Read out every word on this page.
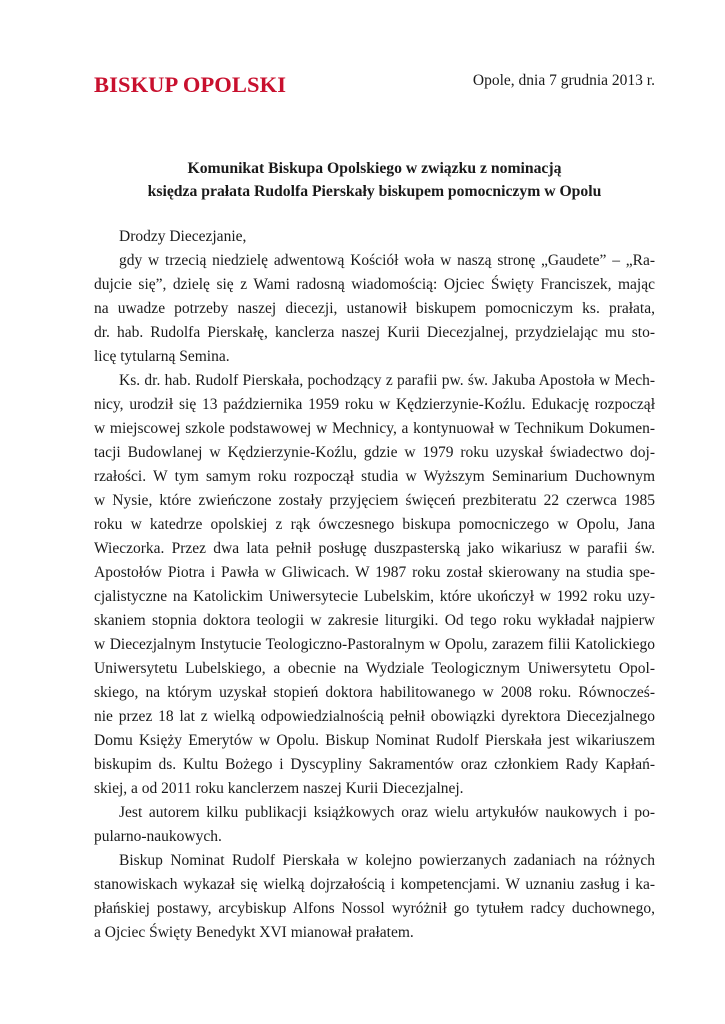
BISKUP OPOLSKI	Opole, dnia 7 grudnia 2013 r.
Komunikat Biskupa Opolskiego w związku z nominacją
księdza prałata Rudolfa Pierskały biskupem pomocniczym w Opolu
Drodzy Diecezjanie,

gdy w trzecią niedzielę adwentową Kościół woła w naszą stronę „Gaudete” – „Ra-
dujcie się”, dzielę się z Wami radosną wiadomością: Ojciec Święty Franciszek, mając
na uwadze potrzeby naszej diecezji, ustanowił biskupem pomocniczym ks. prałata,
dr. hab. Rudolfa Pierskałę, kanclerza naszej Kurii Diecezjalnej, przydzielając mu sto-
licę tytularną Semina.

Ks. dr. hab. Rudolf Pierskała, pochodzący z parafii pw. św. Jakuba Apostoła w Mech-
nicy, urodził się 13 października 1959 roku w Kędzierzynie-Koźlu. Edukację rozpoczął
w miejscowej szkole podstawowej w Mechnicy, a kontynuował w Technikum Dokumen-
tacji Budowlanej w Kędzierzynie-Koźlu, gdzie w 1979 roku uzyskał świadectwo doj-
rzałości. W tym samym roku rozpoczął studia w Wyższym Seminarium Duchownym
w Nysie, które zwieńczone zostały przyjęciem święceń prezbiteratu 22 czerwca 1985
roku w katedrze opolskiej z rąk ówczesnego biskupa pomocniczego w Opolu, Jana
Wieczorka. Przez dwa lata pełnił posługę duszpasterską jako wikariusz w parafii św.
Apostołów Piotra i Pawła w Gliwicach. W 1987 roku został skierowany na studia spe-
cjalistyczne na Katolickim Uniwersytecie Lubelskim, które ukończył w 1992 roku uzy-
skaniem stopnia doktora teologii w zakresie liturgiki. Od tego roku wykładał najpierw
w Diecezjalnym Instytucie Teologiczno-Pastoralnym w Opolu, zarazem filii Katolickiego
Uniwersytetu Lubelskiego, a obecnie na Wydziale Teologicznym Uniwersytetu Opol-
skiego, na którym uzyskał stopień doktora habilitowanego w 2008 roku. Równocześ-
nie przez 18 lat z wielką odpowiedzialnością pełnił obowiązki dyrektora Diecezjalnego
Domu Księży Emerytów w Opolu. Biskup Nominat Rudolf Pierskała jest wikariuszem
biskupim ds. Kultu Bożego i Dyscypliny Sakramentów oraz członkiem Rady Kapłań-
skiej, a od 2011 roku kanclerzem naszej Kurii Diecezjalnej.

Jest autorem kilku publikacji książkowych oraz wielu artykułów naukowych i po-
pularno-naukowych.

Biskup Nominat Rudolf Pierskała w kolejno powierzanych zadaniach na różnych
stanowiskach wykazał się wielką dojrzałością i kompetencjami. W uznaniu zasług i ka-
płańskiej postawy, arcybiskup Alfons Nossol wyróżnił go tytułem radcy duchownego,
a Ojciec Święty Benedykt XVI mianował prałatem.
